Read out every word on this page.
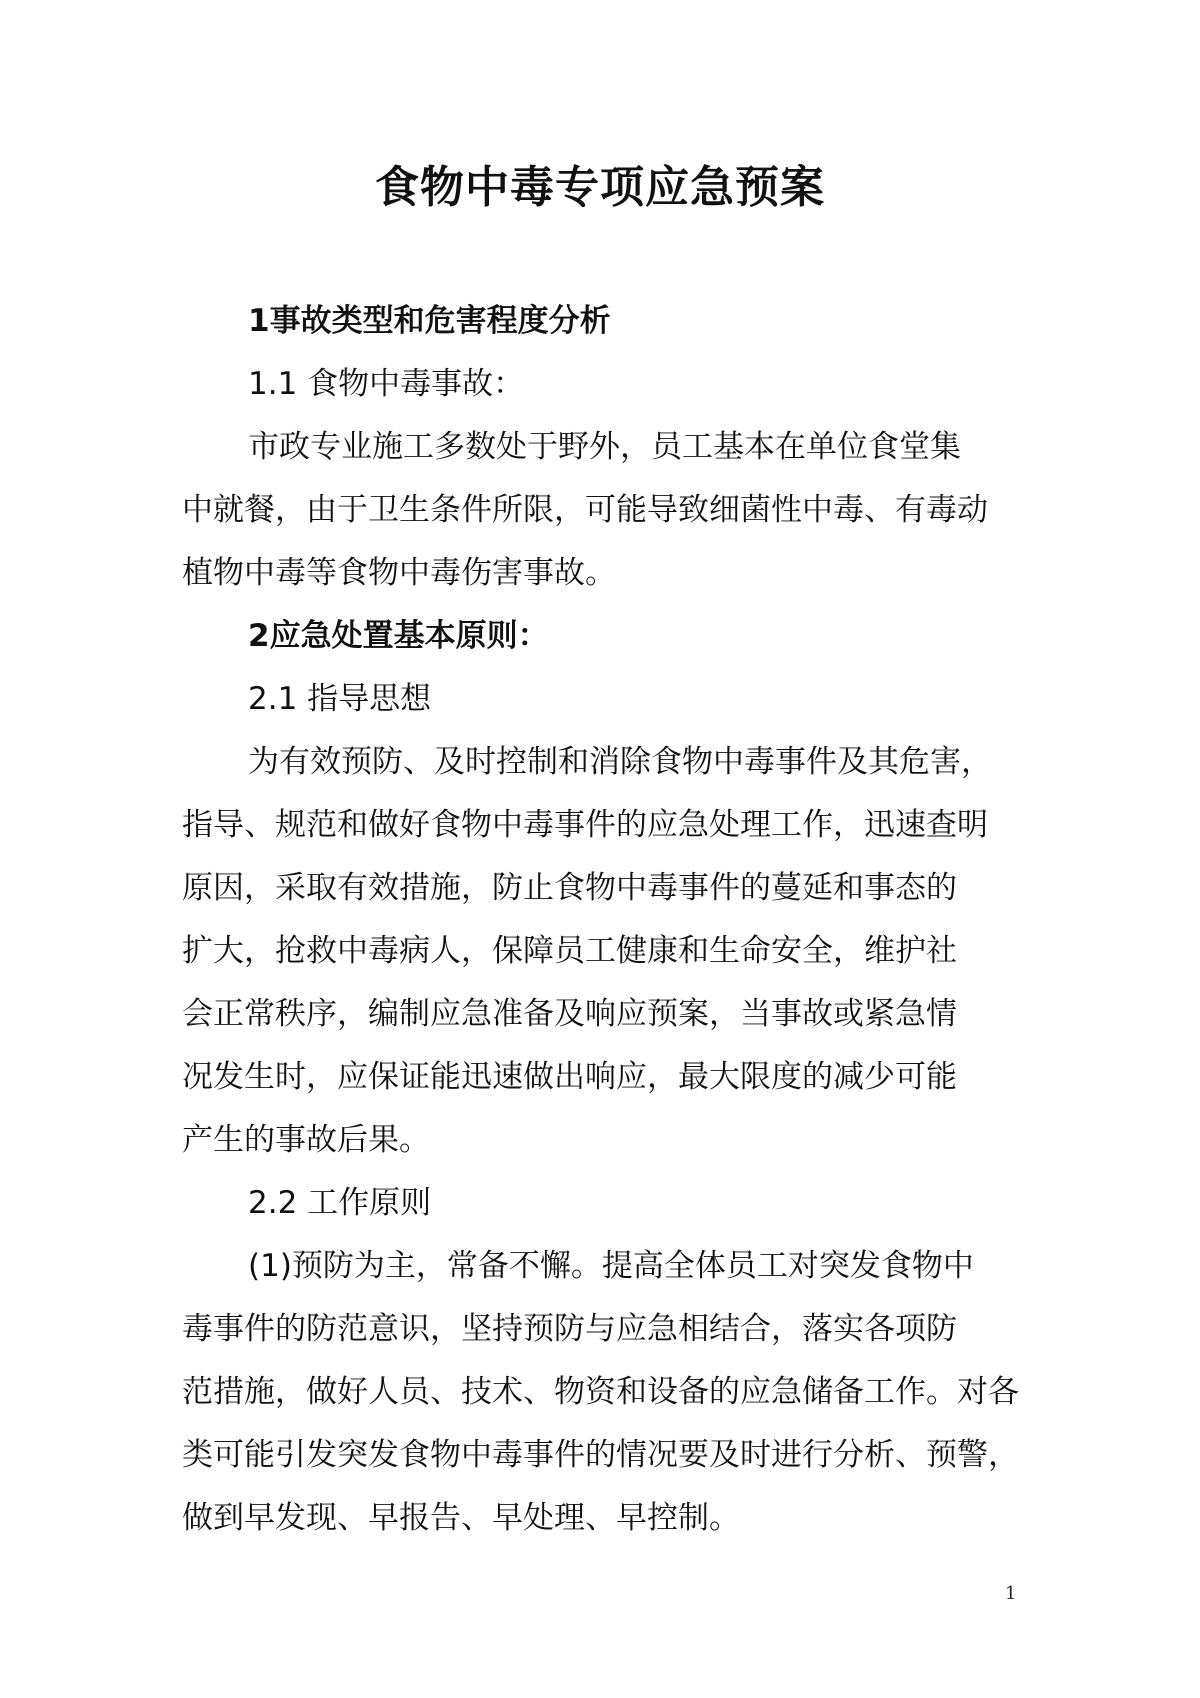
食物中毒专项应急预案
1事故类型和危害程度分析
1.1 食物中毒事故：
市政专业施工多数处于野外，员工基本在单位食堂集
中就餐，由于卫生条件所限，可能导致细菌性中毒、有毒动
植物中毒等食物中毒伤害事故。
2应急处置基本原则：
2.1 指导思想
为有效预防、及时控制和消除食物中毒事件及其危害，
指导、规范和做好食物中毒事件的应急处理工作，迅速查明
原因，采取有效措施，防止食物中毒事件的蔓延和事态的
扩大，抢救中毒病人，保障员工健康和生命安全，维护社
会正常秩序，编制应急准备及响应预案，当事故或紧急情
况发生时，应保证能迅速做出响应，最大限度的减少可能
产生的事故后果。
2.2 工作原则
(1)预防为主，常备不懈。提高全体员工对突发食物中
毒事件的防范意识，坚持预防与应急相结合，落实各项防
范措施，做好人员、技术、物资和设备的应急储备工作。对各
类可能引发突发食物中毒事件的情况要及时进行分析、预警，
做到早发现、早报告、早处理、早控制。
1
